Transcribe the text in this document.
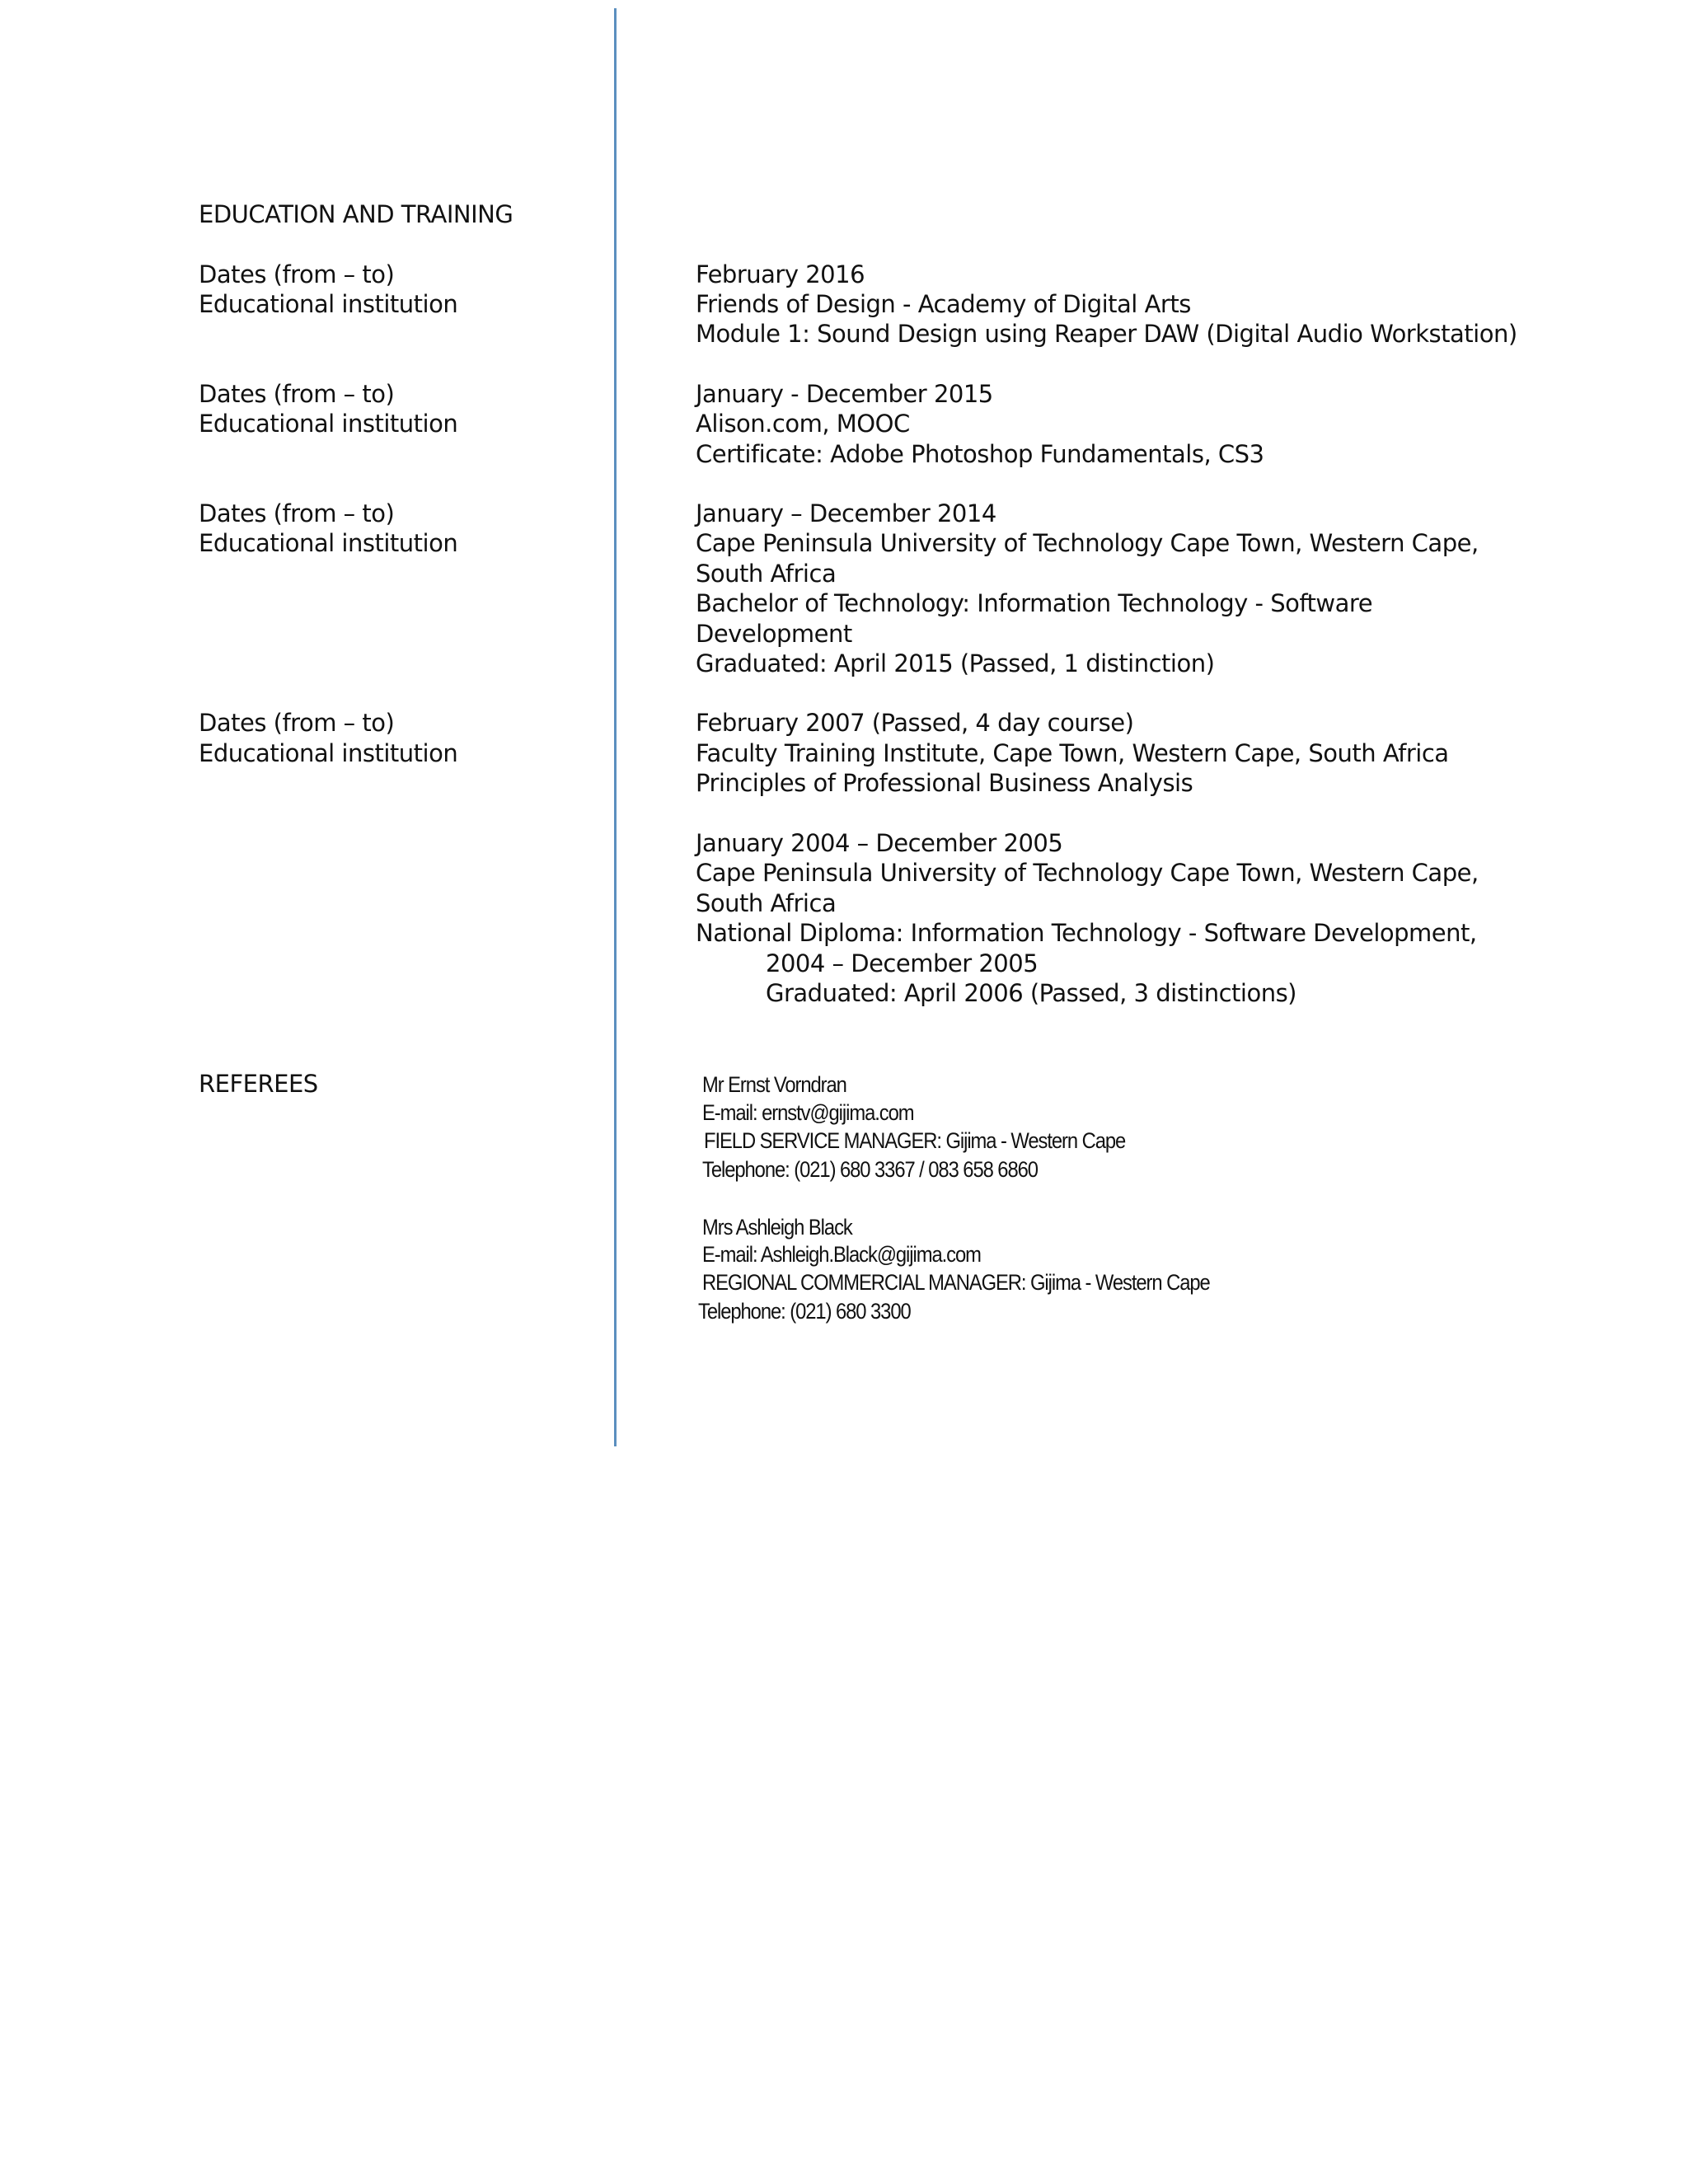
EDUCATION AND TRAINING

Dates (from – to)

Educational institution

February 2016

Friends of Design - Academy of Digital Arts

Module 1: Sound Design using Reaper DAW (Digital Audio Workstation)

Dates (from – to)

Educational institution

January - December 2015

Alison.com, MOOC

Certificate: Adobe Photoshop Fundamentals, CS3

Dates (from – to)

Educational institution

January – December 2014

Cape Peninsula University of Technology Cape Town, Western Cape,

South Africa

Bachelor of Technology: Information Technology - Software

Development

Graduated: April 2015 (Passed, 1 distinction)

Dates (from – to)

Educational institution

February 2007 (Passed, 4 day course)

Faculty Training Institute, Cape Town, Western Cape, South Africa

Principles of Professional Business Analysis

January 2004 – December 2005

Cape Peninsula University of Technology Cape Town, Western Cape,

South Africa

National Diploma: Information Technology - Software Development,

2004 – December 2005

Graduated: April 2006 (Passed, 3 distinctions)

REFEREES	Mr Ernst Vorndran

E-mail: ernstv@gijima.com

FIELD SERVICE MANAGER: Gijima - Western Cape

Telephone: (021) 680 3367 / 083 658 6860

Mrs Ashleigh Black

E-mail: Ashleigh.Black@gijima.com

REGIONAL COMMERCIAL MANAGER: Gijima - Western Cape

Telephone: (021) 680 3300
